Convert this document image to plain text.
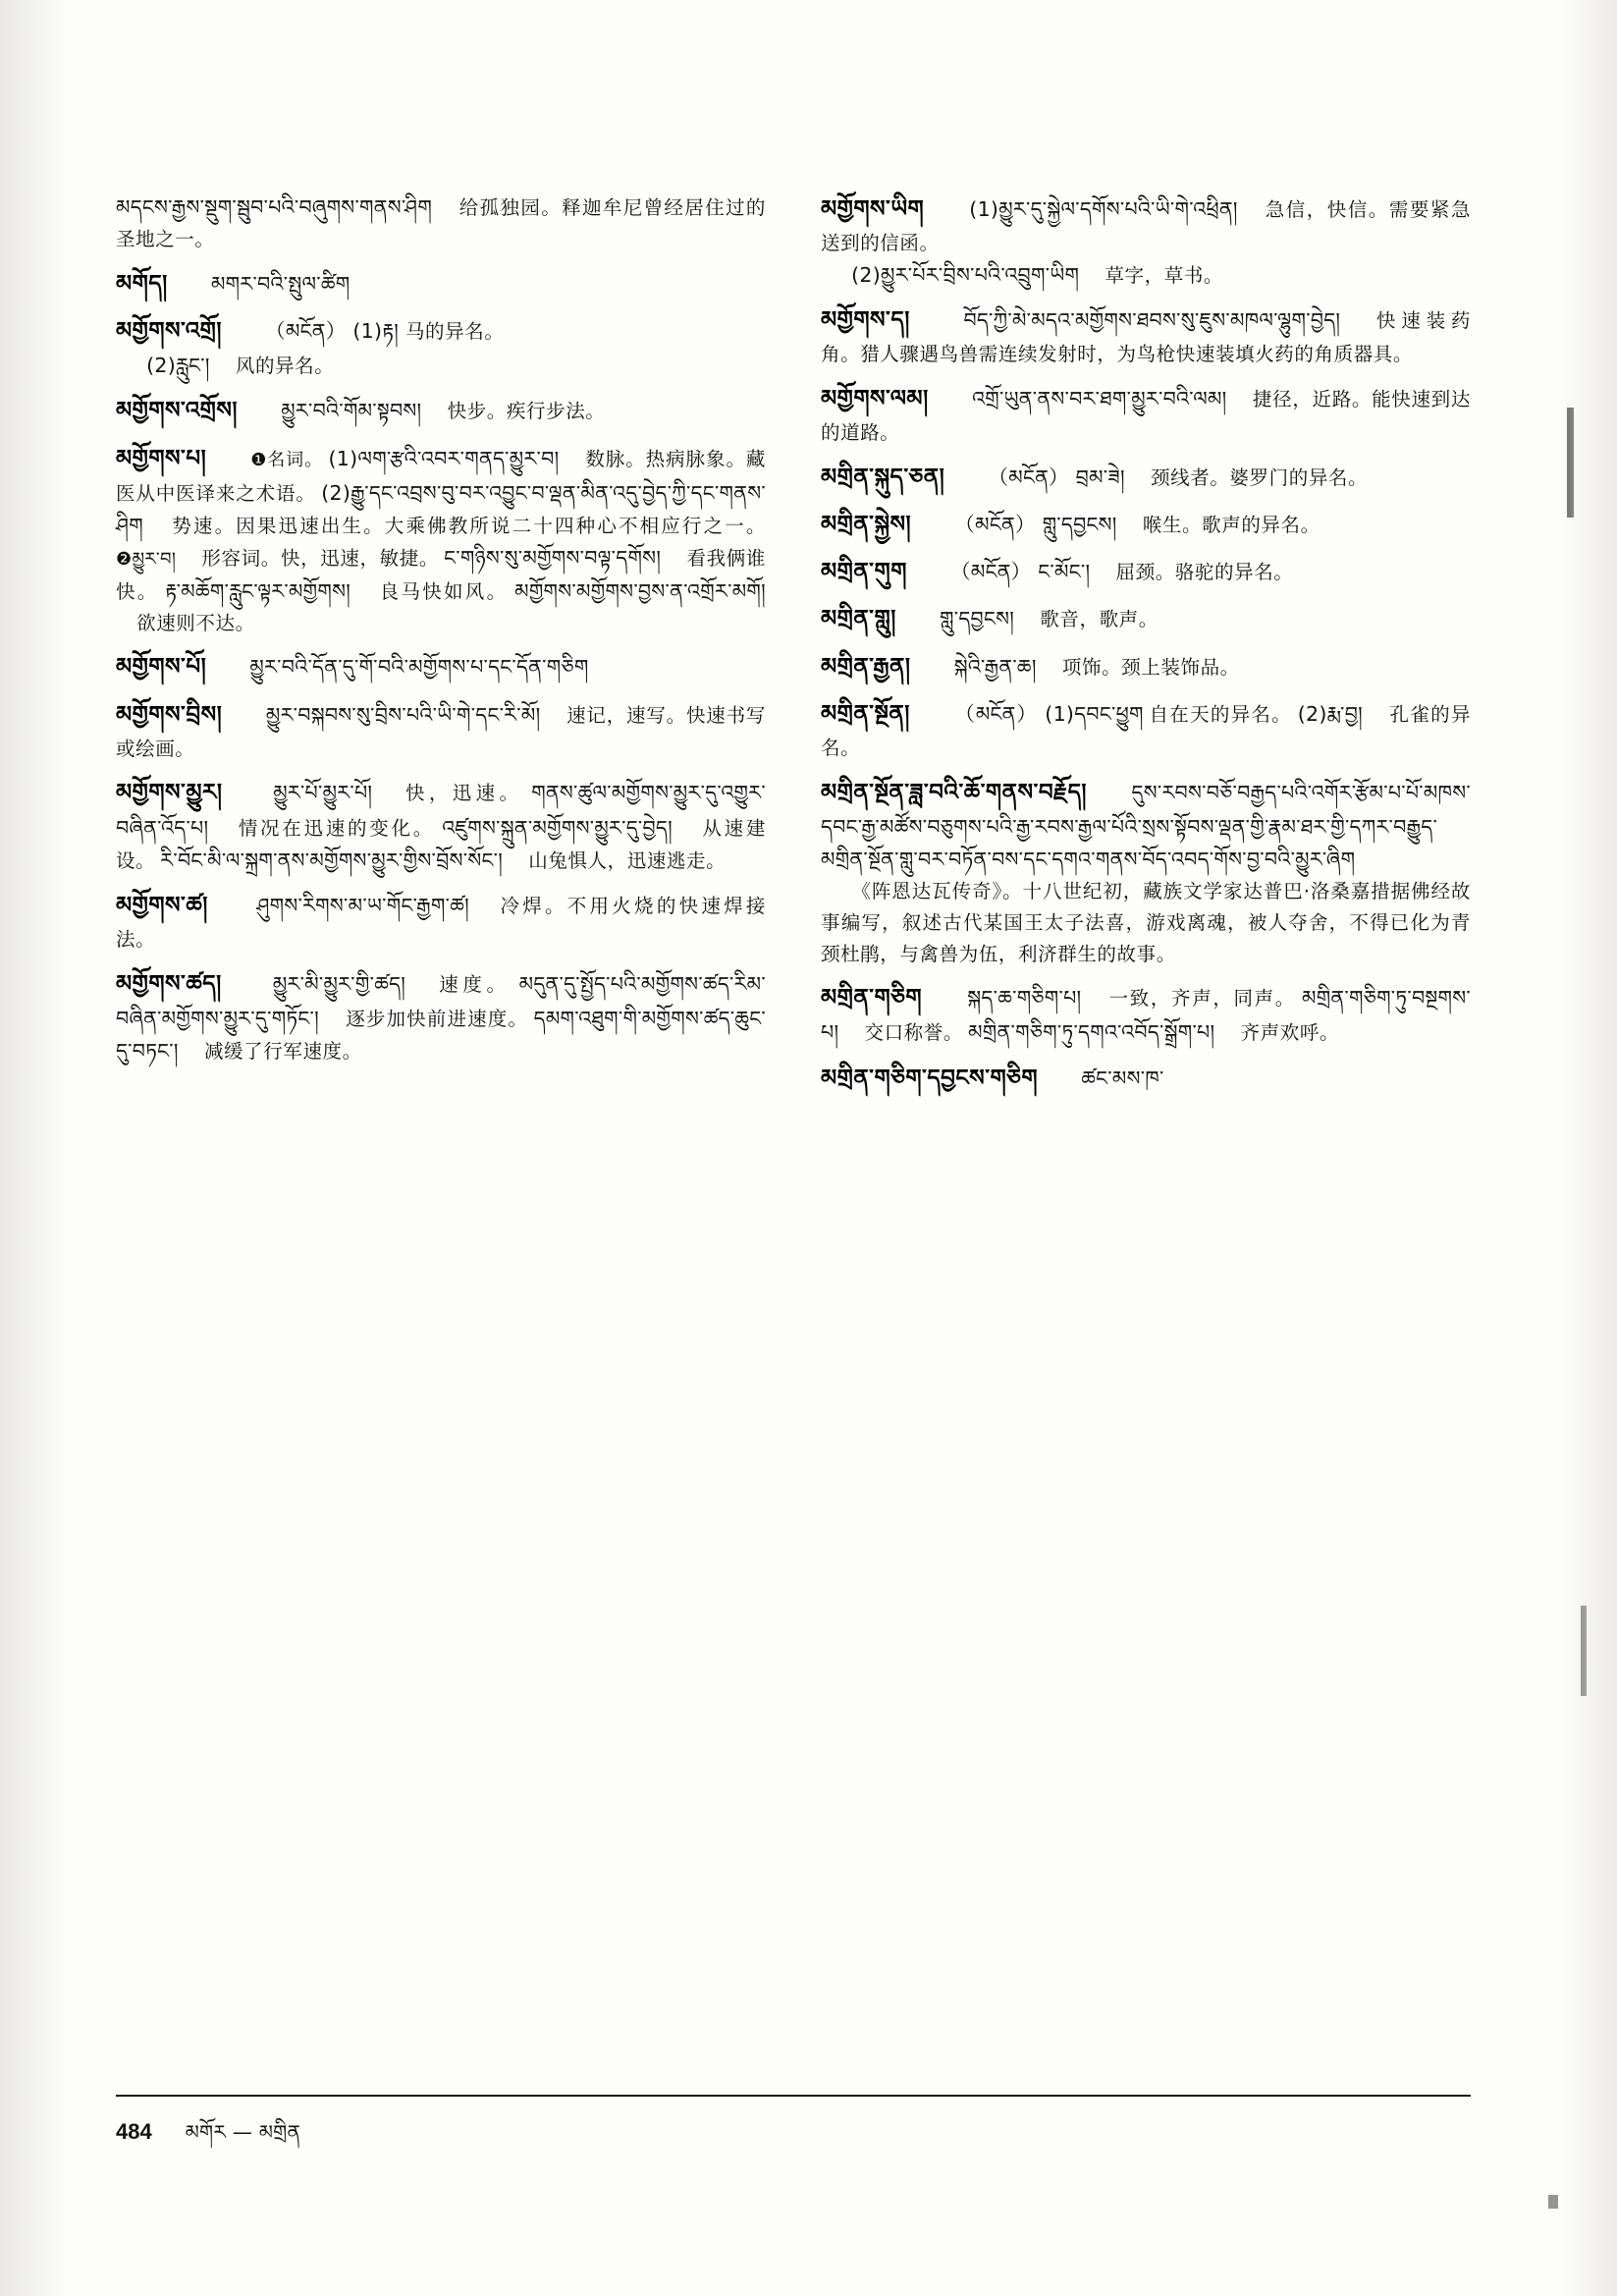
མདངས་རྒྱས་སྡུག་སྦུབ་པའི་བཞུགས་གནས་ཤིག 给孤独园。释迦牟尼曾经居住过的圣地之一。
མགོད། མགར་བའི་སྤུལ་ཚིག
མགྱོགས་འགྲོ། （མངོན） (1)རྟ། 马的异名。
(2)རླུང་། 风的异名。
མགྱོགས་འགྲོས། མྱུར་བའི་གོམ་སྟབས། 快步。疾行步法。
མགྱོགས་པ། ❶名词。 (1)ལག་རྩའི་འབར་གནད་མྱུར་བ། 数脉。热病脉象。藏医从中医译来之术语。 (2)རྒྱུ་དང་འབྲས་བུ་བར་འབྱུང་བ་ལྡན་མིན་འདུ་བྱེད་ཀྱི་དང་གནས་ཤིག 势速。因果迅速出生。大乘佛教所说二十四种心不相应行之一。 ❷མྱུར་བ། 形容词。快，迅速，敏捷。 ང་གཉིས་སུ་མགྱོགས་བལྟ་དགོས། 看我俩谁快。 རྟ་མཆོག་རླུང་ལྟར་མགྱོགས། 良马快如风。 མགྱོགས་མགྱོགས་བྱས་ན་འགྲོར་མགོ།  欲速则不达。
མགྱོགས་པོ། མྱུར་བའི་དོན་དུ་གོ་བའི་མགྱོགས་པ་དང་དོན་གཅིག
མགྱོགས་བྲིས། མྱུར་བསྐབས་སུ་བྲིས་པའི་ཡི་གེ་དང་རི་མོ། 速记，速写。快速书写或绘画。
མགྱོགས་མྱུར།	མྱུར་པོ་མྱུར་པོ། 快，迅速。 གནས་ཚུལ་མགྱོགས་མྱུར་དུ་འགྱུར་བཞིན་འོད་པ། 情况在迅速的变化。 འཛུགས་སྐྲུན་མགྱོགས་མྱུར་དུ་བྱེད། 从速建设。 རི་བོང་མི་ལ་སྐྲག་ནས་མགྱོགས་མྱུར་གྱིས་བྲོས་སོང་། 山兔惧人，迅速逃走。
མགྱོགས་ཚ། ཤུགས་རིགས་མ་ཡ་གོང་རྒྱག་ཚ། 冷焊。不用火烧的快速焊接法。
མགྱོགས་ཚད།	མྱུར་མི་མྱུར་གྱི་ཚད། 速度。 མདུན་དུ་སྤྱོད་པའི་མགྱོགས་ཚད་རིམ་བཞིན་མགྱོགས་མྱུར་དུ་གཏོང་། 逐步加快前进速度。 དམག་འཐུག་གི་མགྱོགས་ཚད་ཆུང་དུ་བཏང་། 减缓了行军速度。
མགྱོགས་ཡིག (1)མྱུར་དུ་སྐྱེལ་དགོས་པའི་ཡི་གེ་འཕྲིན། 急信，快信。需要紧急送到的信函。
(2)མྱུར་པོར་བྲིས་པའི་འབྲུག་ཡིག 草字，草书。
མགྱོགས་ད།	བོད་ཀྱི་མེ་མདའ་མགྱོགས་ཐབས་སུ་ཇུས་མཁལ་ལྷུག་བྱེད། 快速装药角。猎人骤遇鸟兽需连续发射时，为鸟枪快速装填火药的角质器具。
མགྱོགས་ལམ། འགྲོ་ཡུན་ནས་བར་ཐག་མྱུར་བའི་ལམ། 捷径，近路。能快速到达的道路。
མགྲིན་སྐུད་ཅན། （མངོན） བྲམ་ཟེ། 颈线者。婆罗门的异名。
མགྲིན་སྐྱེས། （མངོན） གླུ་དབྱངས། 喉生。歌声的异名。
མགྲིན་གུག （མངོན） ང་མོང་། 屈颈。骆驼的异名。
མགྲིན་གླུ། གླུ་དབྱངས། 歌音，歌声。
མགྲིན་རྒྱན། སྐེའི་རྒྱན་ཆ། 项饰。颈上装饰品。
མགྲིན་སྔོན། （མངོན） (1)དབང་ཕྱུག 自在天的异名。 (2)རྨ་བྱ། 孔雀的异名。
མགྲིན་སྔོན་ཟླ་བའི་ཆོ་གནས་བརྗོད། དུས་རབས་བཅོ་བརྒྱད་པའི་འགོར་རྩོམ་པ་པོ་མཁས་དབང་རྒྱ་མཚོས་བཅུགས་པའི་རྒྱ་རབས་རྒྱལ་པོའི་སྲས་སྟོབས་ལྡན་གྱི་རྣམ་ཐར་གྱི་དཀར་བརྒྱུད་མགྲིན་སྔོན་གླུ་བར་བཏོན་བས་དང་དགའ་གནས་བོད་འབད་གོས་བྱ་བའི་མྱུར་ཞིག
《阵恩达瓦传奇》。十八世纪初，藏族文学家达普巴·洛桑嘉措据佛经故事编写，叙述古代某国王太子法喜，游戏离魂，被人夺舍，不得已化为青颈杜鹃，与禽兽为伍，利济群生的故事。
མགྲིན་གཅིག སྐད་ཆ་གཅིག་པ། 一致，齐声，同声。 མགྲིན་གཅིག་ཏུ་བསྔགས་པ། 交口称誉。 མགྲིན་གཅིག་ཏུ་དགའ་འབོད་སྒྲོག་པ། 齐声欢呼。
མགྲིན་གཅིག་དབྱངས་གཅིག ཚང་མས་ཁ་
484 མགོར — མགྲིན
